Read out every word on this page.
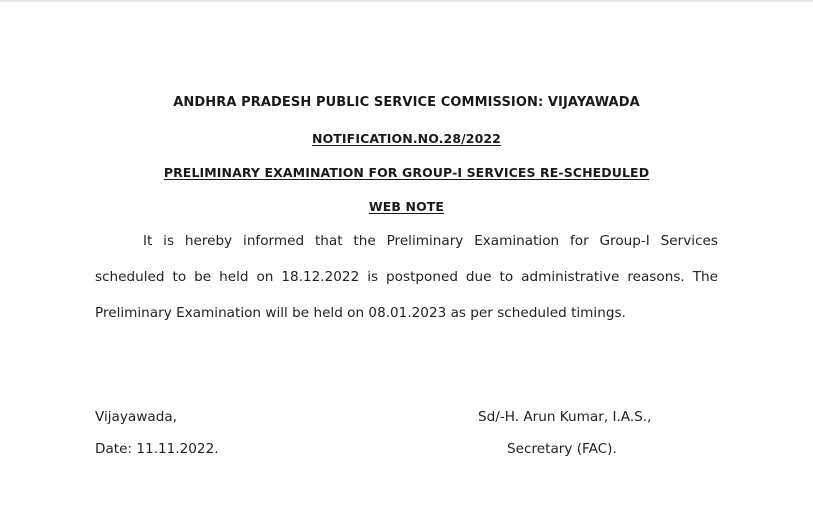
ANDHRA PRADESH PUBLIC SERVICE COMMISSION: VIJAYAWADA
NOTIFICATION.NO.28/2022
PRELIMINARY EXAMINATION FOR GROUP-I SERVICES RE-SCHEDULED
WEB NOTE
It is hereby informed that the Preliminary Examination for Group-I Services scheduled to be held on 18.12.2022 is postponed due to administrative reasons. The Preliminary Examination will be held on 08.01.2023 as per scheduled timings.
Vijayawada,
Date: 11.11.2022.
Sd/-H. Arun Kumar, I.A.S.,
Secretary (FAC).
